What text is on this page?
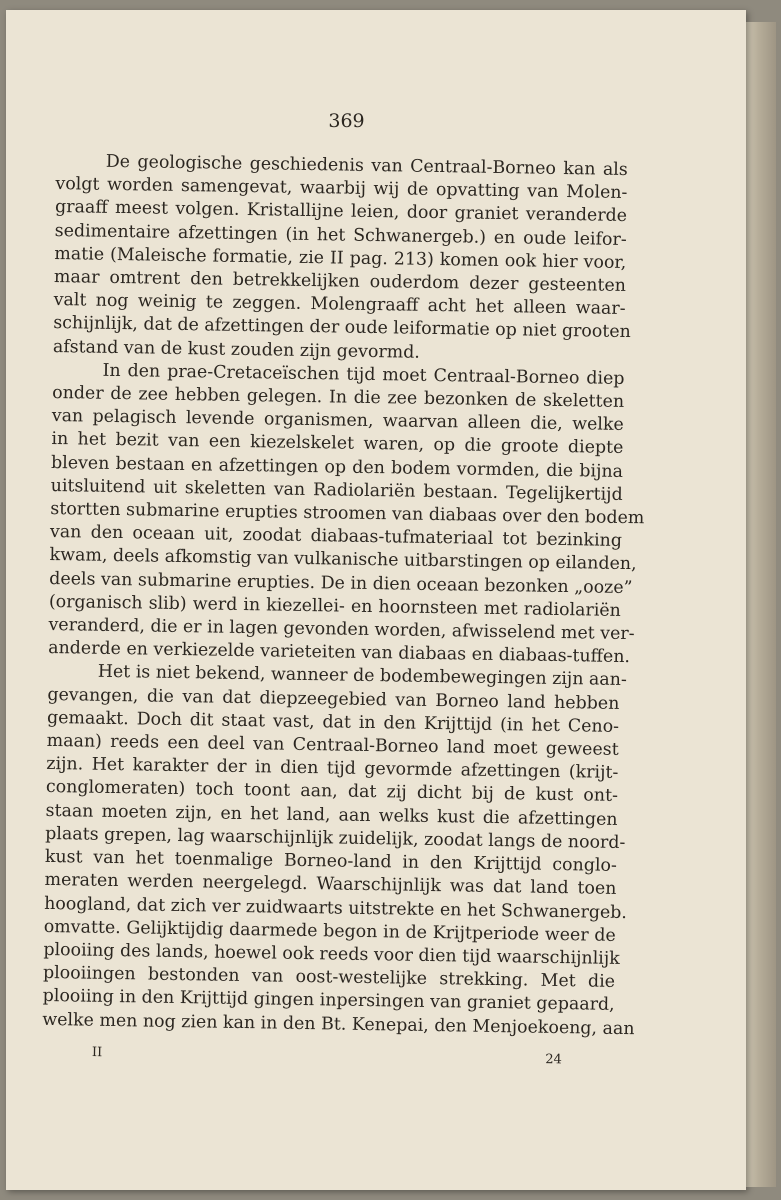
369
De geologische geschiedenis van Centraal-Borneo kan als
volgt worden samengevat, waarbij wij de opvatting van Molen-
graaff meest volgen. Kristallijne leien, door graniet veranderde
sedimentaire afzettingen (in het Schwanergeb.) en oude leifor-
matie (Maleische formatie, zie II pag. 213) komen ook hier voor,
maar omtrent den betrekkelijken ouderdom dezer gesteenten
valt nog weinig te zeggen. Molengraaff acht het alleen waar-
schijnlijk, dat de afzettingen der oude leiformatie op niet grooten
afstand van de kust zouden zijn gevormd.
In den prae-Cretaceïschen tijd moet Centraal-Borneo diep
onder de zee hebben gelegen. In die zee bezonken de skeletten
van pelagisch levende organismen, waarvan alleen die, welke
in het bezit van een kiezelskelet waren, op die groote diepte
bleven bestaan en afzettingen op den bodem vormden, die bijna
uitsluitend uit skeletten van Radiolariën bestaan. Tegelijkertijd
stortten submarine erupties stroomen van diabaas over den bodem
van den oceaan uit, zoodat diabaas-tufmateriaal tot bezinking
kwam, deels afkomstig van vulkanische uitbarstingen op eilanden,
deels van submarine erupties. De in dien oceaan bezonken „ooze”
(organisch slib) werd in kiezellei- en hoornsteen met radiolariën
veranderd, die er in lagen gevonden worden, afwisselend met ver-
anderde en verkiezelde varieteiten van diabaas en diabaas-tuffen.
Het is niet bekend, wanneer de bodembewegingen zijn aan-
gevangen, die van dat diepzeegebied van Borneo land hebben
gemaakt. Doch dit staat vast, dat in den Krijttijd (in het Ceno-
maan) reeds een deel van Centraal-Borneo land moet geweest
zijn. Het karakter der in dien tijd gevormde afzettingen (krijt-
conglomeraten) toch toont aan, dat zij dicht bij de kust ont-
staan moeten zijn, en het land, aan welks kust die afzettingen
plaats grepen, lag waarschijnlijk zuidelijk, zoodat langs de noord-
kust van het toenmalige Borneo-land in den Krijttijd conglo-
meraten werden neergelegd. Waarschijnlijk was dat land toen
hoogland, dat zich ver zuidwaarts uitstrekte en het Schwanergeb.
omvatte. Gelijktijdig daarmede begon in de Krijtperiode weer de
plooiing des lands, hoewel ook reeds voor dien tijd waarschijnlijk
plooiingen bestonden van oost-westelijke strekking. Met die
plooiing in den Krijttijd gingen inpersingen van graniet gepaard,
welke men nog zien kan in den Bt. Kenepai, den Menjoekoeng, aan
II	24
